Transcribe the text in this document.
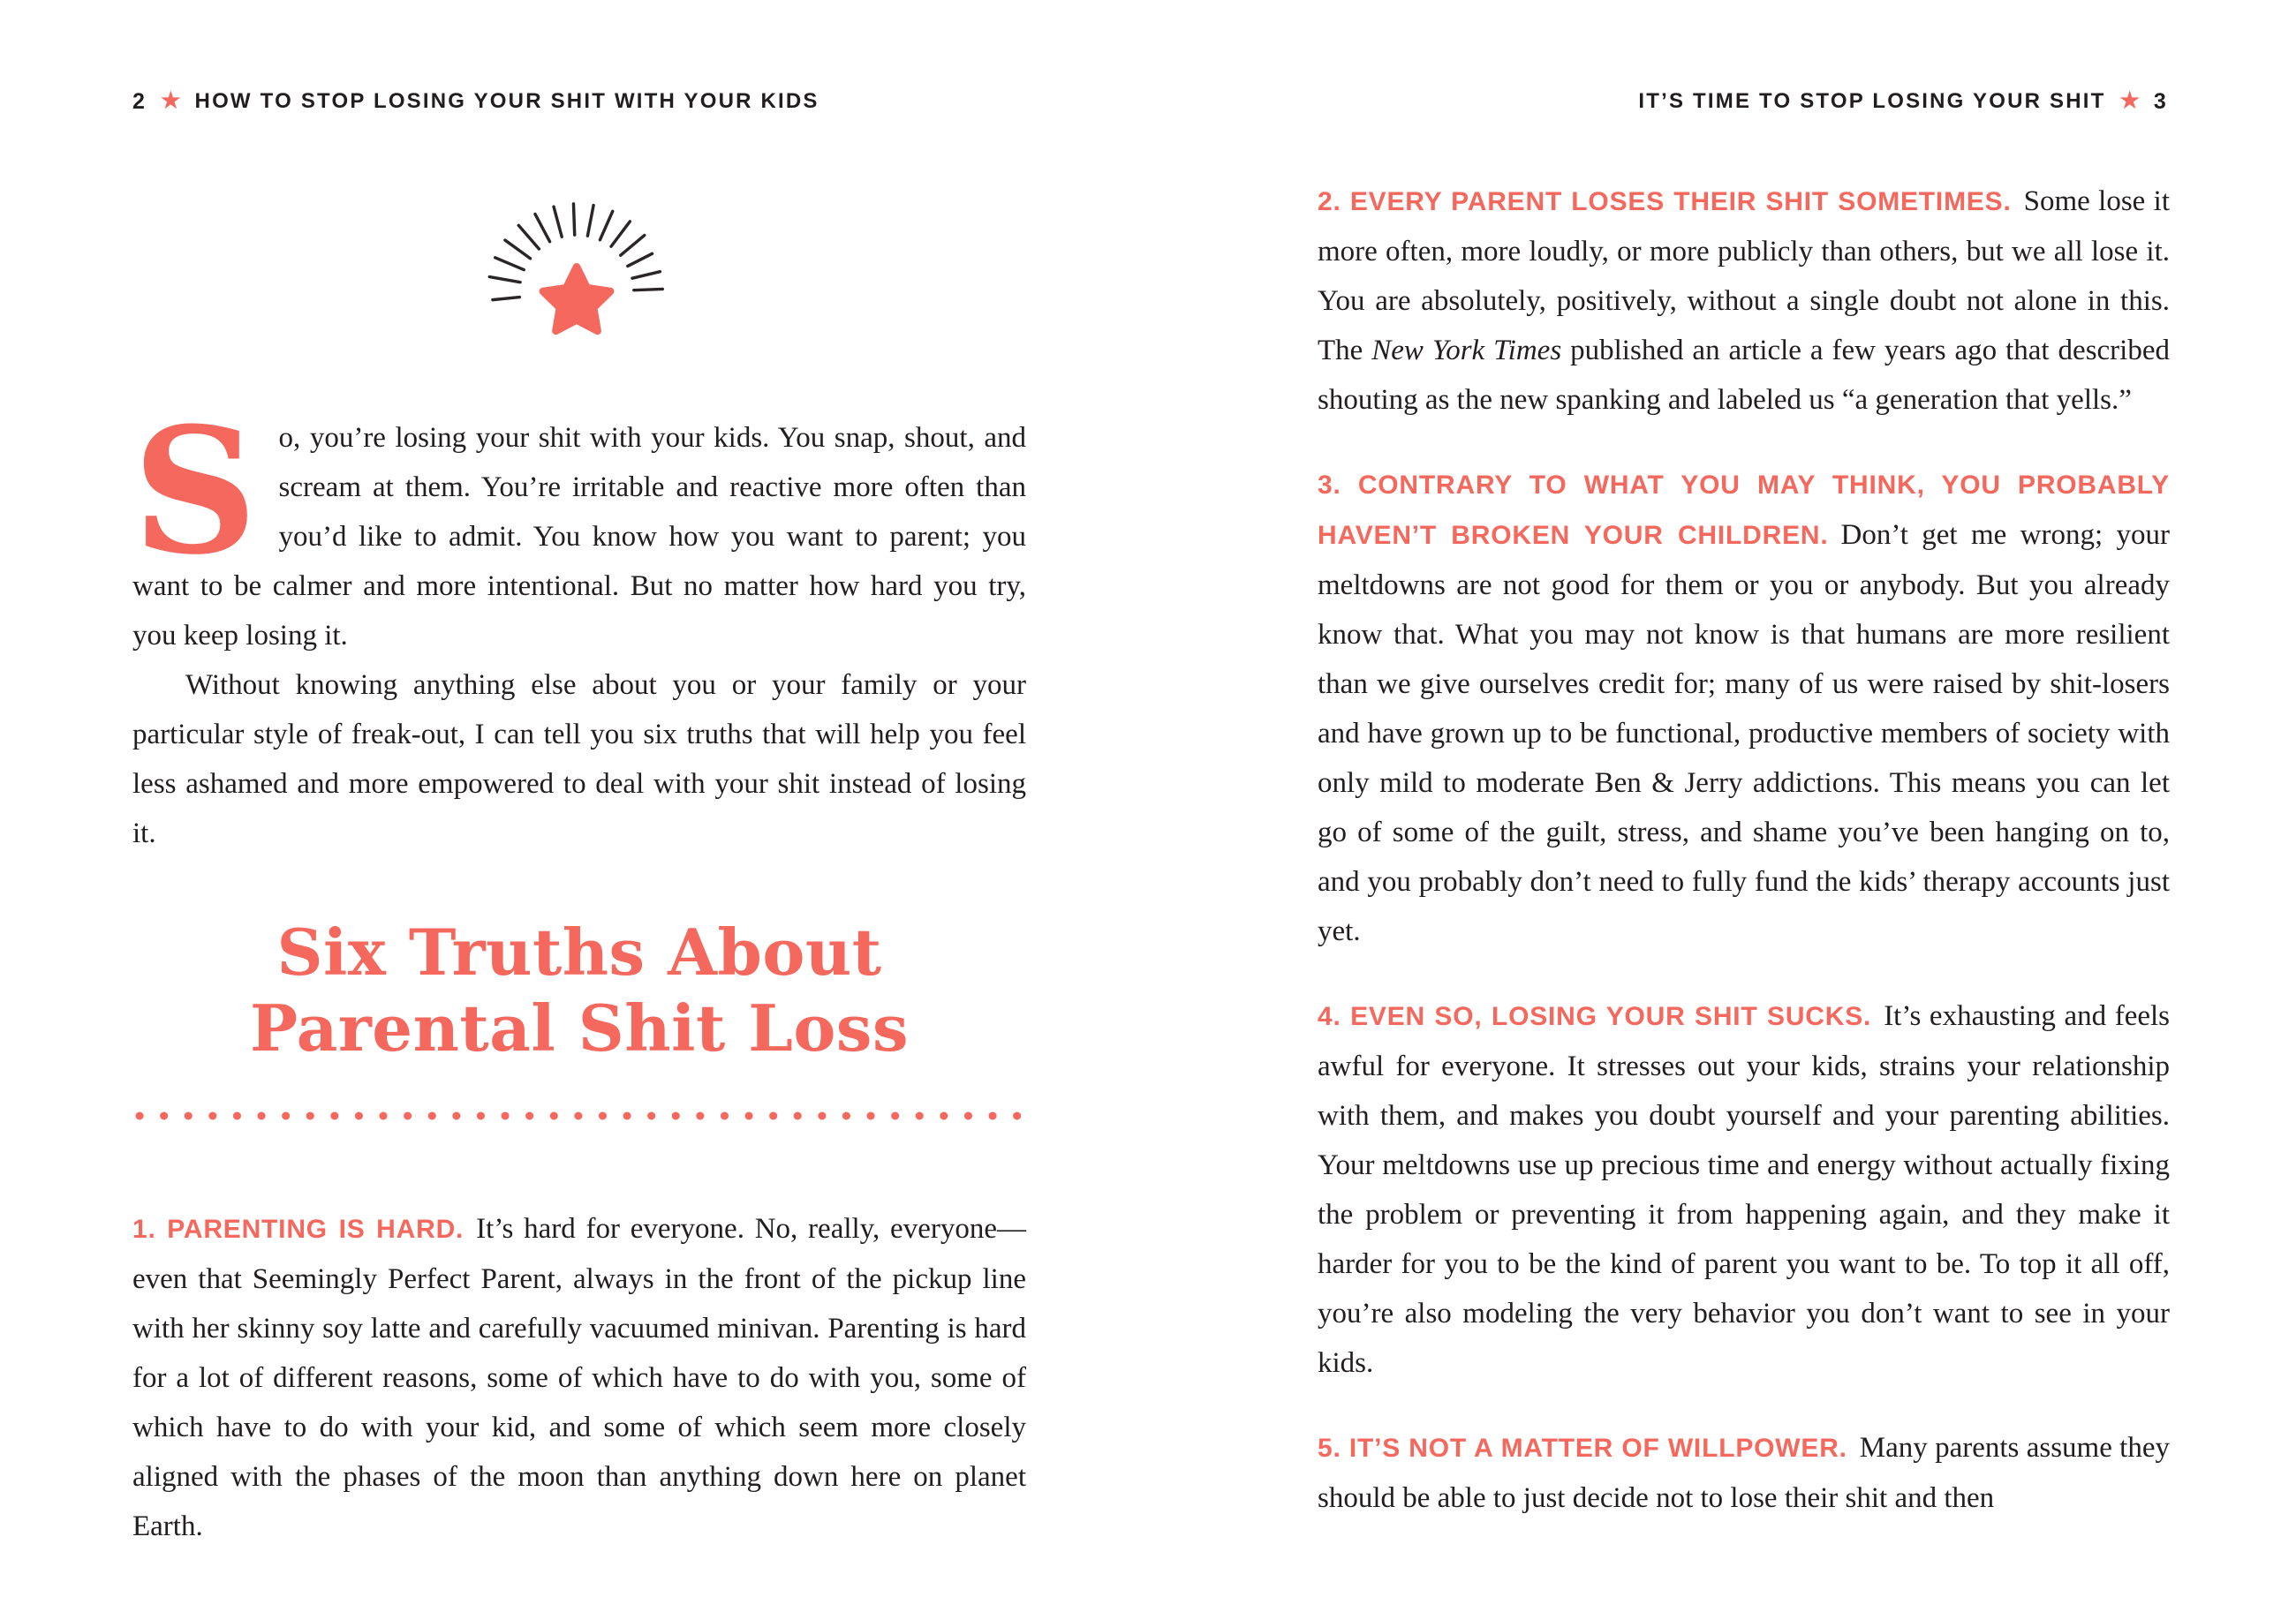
2 ★ HOW TO STOP LOSING YOUR SHIT WITH YOUR KIDS	IT’S TIME TO STOP LOSING YOUR SHIT ★ 3

So, you’re losing your shit with your kids. You snap, shout, and scream at them. You’re irritable and reactive more often than you’d like to admit. You know how you want to parent; you want to be calmer and more intentional. But no matter how hard you try, you keep losing it.

Without knowing anything else about you or your family or your particular style of freak-out, I can tell you six truths that will help you feel less ashamed and more empowered to deal with your shit instead of losing it.

Six Truths About
Parental Shit Loss

1. PARENTING IS HARD. It’s hard for everyone. No, really, everyone—even that Seemingly Perfect Parent, always in the front of the pickup line with her skinny soy latte and carefully vacuumed minivan. Parenting is hard for a lot of different reasons, some of which have to do with you, some of which have to do with your kid, and some of which seem more closely aligned with the phases of the moon than anything down here on planet Earth.

2. EVERY PARENT LOSES THEIR SHIT SOMETIMES. Some lose it more often, more loudly, or more publicly than others, but we all lose it. You are absolutely, positively, without a single doubt not alone in this. The New York Times published an article a few years ago that described shouting as the new spanking and labeled us “a generation that yells.”

3. CONTRARY TO WHAT YOU MAY THINK, YOU PROBABLY HAVEN’T BROKEN YOUR CHILDREN. Don’t get me wrong; your meltdowns are not good for them or you or anybody. But you already know that. What you may not know is that humans are more resilient than we give ourselves credit for; many of us were raised by shit-losers and have grown up to be functional, productive members of society with only mild to moderate Ben & Jerry addictions. This means you can let go of some of the guilt, stress, and shame you’ve been hanging on to, and you probably don’t need to fully fund the kids’ therapy accounts just yet.

4. EVEN SO, LOSING YOUR SHIT SUCKS. It’s exhausting and feels awful for everyone. It stresses out your kids, strains your relationship with them, and makes you doubt yourself and your parenting abilities. Your meltdowns use up precious time and energy without actually fixing the problem or preventing it from happening again, and they make it harder for you to be the kind of parent you want to be. To top it all off, you’re also modeling the very behavior you don’t want to see in your kids.

5. IT’S NOT A MATTER OF WILLPOWER. Many parents assume they should be able to just decide not to lose their shit and then
